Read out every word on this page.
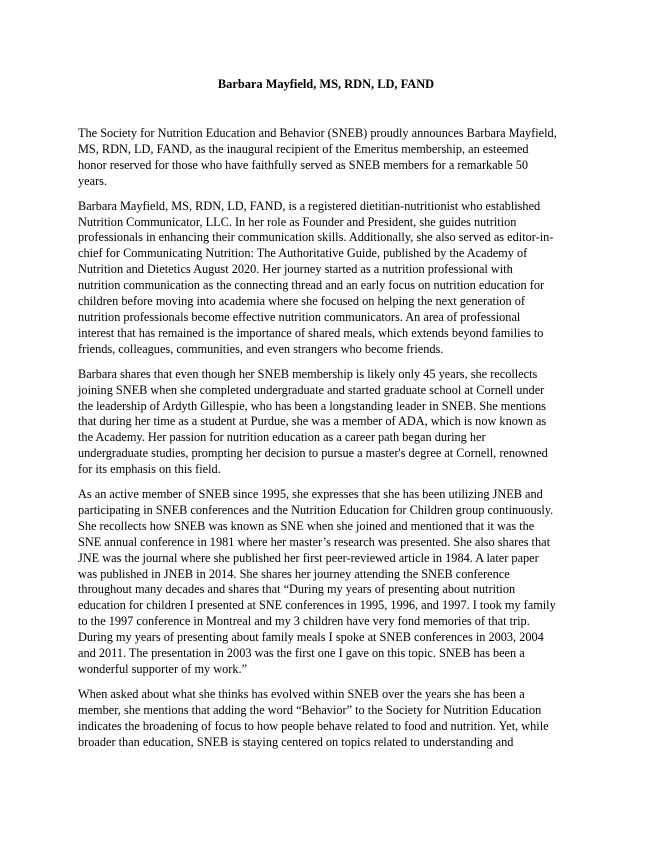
Barbara Mayfield, MS, RDN, LD, FAND

The Society for Nutrition Education and Behavior (SNEB) proudly announces Barbara Mayfield,
MS, RDN, LD, FAND, as the inaugural recipient of the Emeritus membership, an esteemed
honor reserved for those who have faithfully served as SNEB members for a remarkable 50
years.

Barbara Mayfield, MS, RDN, LD, FAND, is a registered dietitian-nutritionist who established
Nutrition Communicator, LLC. In her role as Founder and President, she guides nutrition
professionals in enhancing their communication skills. Additionally, she also served as editor-in-
chief for Communicating Nutrition: The Authoritative Guide, published by the Academy of
Nutrition and Dietetics August 2020. Her journey started as a nutrition professional with
nutrition communication as the connecting thread and an early focus on nutrition education for
children before moving into academia where she focused on helping the next generation of
nutrition professionals become effective nutrition communicators. An area of professional
interest that has remained is the importance of shared meals, which extends beyond families to
friends, colleagues, communities, and even strangers who become friends.

Barbara shares that even though her SNEB membership is likely only 45 years, she recollects
joining SNEB when she completed undergraduate and started graduate school at Cornell under
the leadership of Ardyth Gillespie, who has been a longstanding leader in SNEB. She mentions
that during her time as a student at Purdue, she was a member of ADA, which is now known as
the Academy. Her passion for nutrition education as a career path began during her
undergraduate studies, prompting her decision to pursue a master's degree at Cornell, renowned
for its emphasis on this field.

As an active member of SNEB since 1995, she expresses that she has been utilizing JNEB and
participating in SNEB conferences and the Nutrition Education for Children group continuously.
She recollects how SNEB was known as SNE when she joined and mentioned that it was the
SNE annual conference in 1981 where her master’s research was presented. She also shares that
JNE was the journal where she published her first peer-reviewed article in 1984. A later paper
was published in JNEB in 2014. She shares her journey attending the SNEB conference
throughout many decades and shares that “During my years of presenting about nutrition
education for children I presented at SNE conferences in 1995, 1996, and 1997. I took my family
to the 1997 conference in Montreal and my 3 children have very fond memories of that trip.
During my years of presenting about family meals I spoke at SNEB conferences in 2003, 2004
and 2011. The presentation in 2003 was the first one I gave on this topic. SNEB has been a
wonderful supporter of my work.”

When asked about what she thinks has evolved within SNEB over the years she has been a
member, she mentions that adding the word “Behavior” to the Society for Nutrition Education
indicates the broadening of focus to how people behave related to food and nutrition. Yet, while
broader than education, SNEB is staying centered on topics related to understanding and
